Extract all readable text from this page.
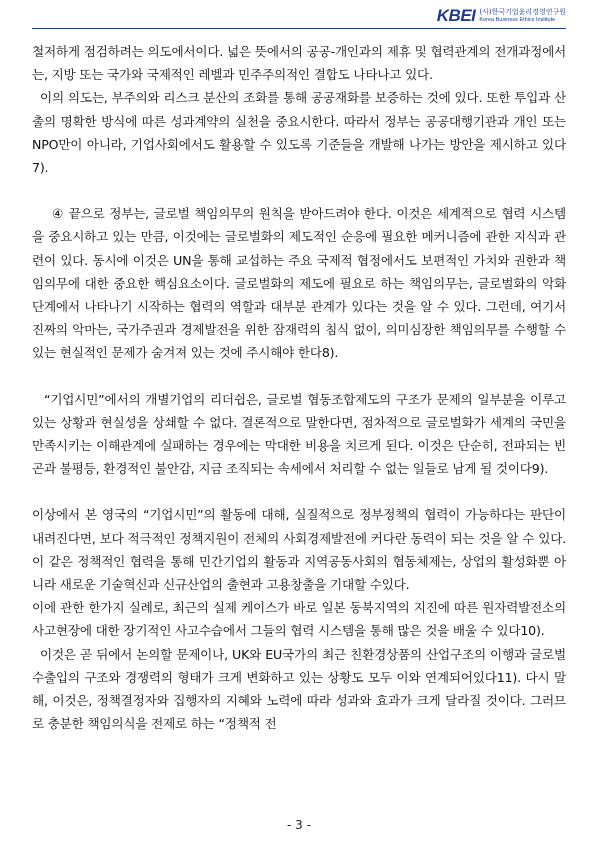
KBEI (사)한국기업윤리경영연구원
Korea Business Ethics Institute

철저하게 점검하려는 의도에서이다. 넓은 뜻에서의 공공-개인과의 제휴 및 협력관계의 전개과정에서는, 지방 또는 국가와 국제적인 레벨과 민주주의적인 결합도 나타나고 있다.

이의 의도는, 부주의와 리스크 분산의 조화를 통해 공공재화를 보증하는 것에 있다. 또한 투입과 산출의 명확한 방식에 따른 성과계약의 실천을 중요시한다. 따라서 정부는 공공대행기관과 개인 또는 NPO만이 아니라, 기업사회에서도 활용할 수 있도록 기준들을 개발해 나가는 방안을 제시하고 있다7).

④ 끝으로 정부는, 글로벌 책임의무의 원칙을 받아드려야 한다. 이것은 세계적으로 협력 시스템을 중요시하고 있는 만큼, 이것에는 글로벌화의 제도적인 순응에 필요한 메커니즘에 관한 지식과 관련이 있다. 동시에 이것은 UN을 통해 교섭하는 주요 국제적 협정에서도 보편적인 가치와 권한과 책임의무에 대한 중요한 핵심요소이다. 글로벌화의 제도에 필요로 하는 책임의무는, 글로벌화의 악화단계에서 나타나기 시작하는 협력의 역할과 대부분 관계가 있다는 것을 알 수 있다. 그런데, 여기서 진짜의 악마는, 국가주권과 경제발전을 위한 잠재력의 침식 없이, 의미심장한 책임의무를 수행할 수 있는 현실적인 문제가 숨겨져 있는 것에 주시해야 한다8).

“기업시민”에서의 개별기업의 리더쉽은, 글로벌 협동조합제도의 구조가 문제의 일부분을 이루고 있는 상황과 현실성을 상쇄할 수 없다. 결론적으로 말한다면, 점차적으로 글로벌화가 세계의 국민을 만족시키는 이해관계에 실패하는 경우에는 막대한 비용을 치르게 된다. 이것은 단순히, 전파되는 빈곤과 불평등, 환경적인 불안감, 지금 조직되는 속세에서 처리할 수 없는 일들로 남게 될 것이다9).

이상에서 본 영국의 “기업시민”의 활동에 대해, 실질적으로 정부정책의 협력이 가능하다는 판단이 내려진다면, 보다 적극적인 정책지원이 전체의 사회경제발전에 커다란 동력이 되는 것을 알 수 있다. 이 같은 정책적인 협력을 통해 민간기업의 활동과 지역공동사회의 협동체제는, 상업의 활성화뿐 아니라 새로운 기술혁신과 신규산업의 출현과 고용창출을 기대할 수있다.

이에 관한 한가지 실례로, 최근의 실제 케이스가 바로 일본 동북지역의 지진에 따른 원자력발전소의 사고현장에 대한 장기적인 사고수습에서 그들의 협력 시스템을 통해 많은 것을 배울 수 있다10).

이것은 곧 뒤에서 논의할 문제이나, UK와 EU국가의 최근 친환경상품의 산업구조의 이행과 글로벌 수출입의 구조와 경쟁력의 형태가 크게 변화하고 있는 상황도 모두 이와 연계되어있다11). 다시 말해, 이것은, 정책결정자와 집행자의 지혜와 노력에 따라 성과와 효과가 크게 달라질 것이다. 그러므로 충분한 책임의식을 전제로 하는 “정책적 전

- 3 -
